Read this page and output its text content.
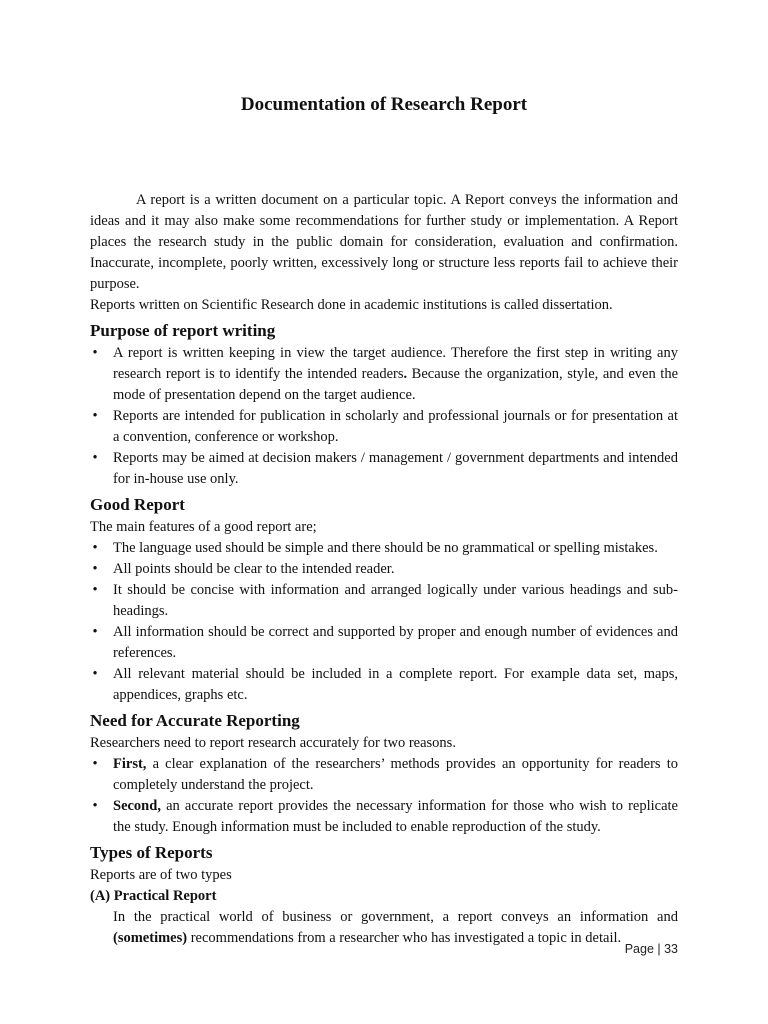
Documentation of Research Report

A report is a written document on a particular topic. A Report conveys the information and ideas and it may also make some recommendations for further study or implementation. A Report places the research study in the public domain for consideration, evaluation and confirmation. Inaccurate, incomplete, poorly written, excessively long or structure less reports fail to achieve their purpose.

Reports written on Scientific Research done in academic institutions is called dissertation.

Purpose of report writing
• A report is written keeping in view the target audience. Therefore the first step in writing any research report is to identify the intended readers. Because the organization, style, and even the mode of presentation depend on the target audience.
• Reports are intended for publication in scholarly and professional journals or for presentation at a convention, conference or workshop.
• Reports may be aimed at decision makers / management / government departments and intended for in-house use only.
Good Report

The main features of a good report are;

• The language used should be simple and there should be no grammatical or spelling mistakes.
• All points should be clear to the intended reader.
• It should be concise with information and arranged logically under various headings and sub-headings.
• All information should be correct and supported by proper and enough number of evidences and references.
• All relevant material should be included in a complete report. For example data set, maps, appendices, graphs etc.
Need for Accurate Reporting

Researchers need to report research accurately for two reasons.

• First, a clear explanation of the researchers’ methods provides an opportunity for readers to completely understand the project.
• Second, an accurate report provides the necessary information for those who wish to replicate the study. Enough information must be included to enable reproduction of the study.
Types of Reports

Reports are of two types

(A) Practical Report
In the practical world of business or government, a report conveys an information and (sometimes) recommendations from a researcher who has investigated a topic in detail.
Page | 33
